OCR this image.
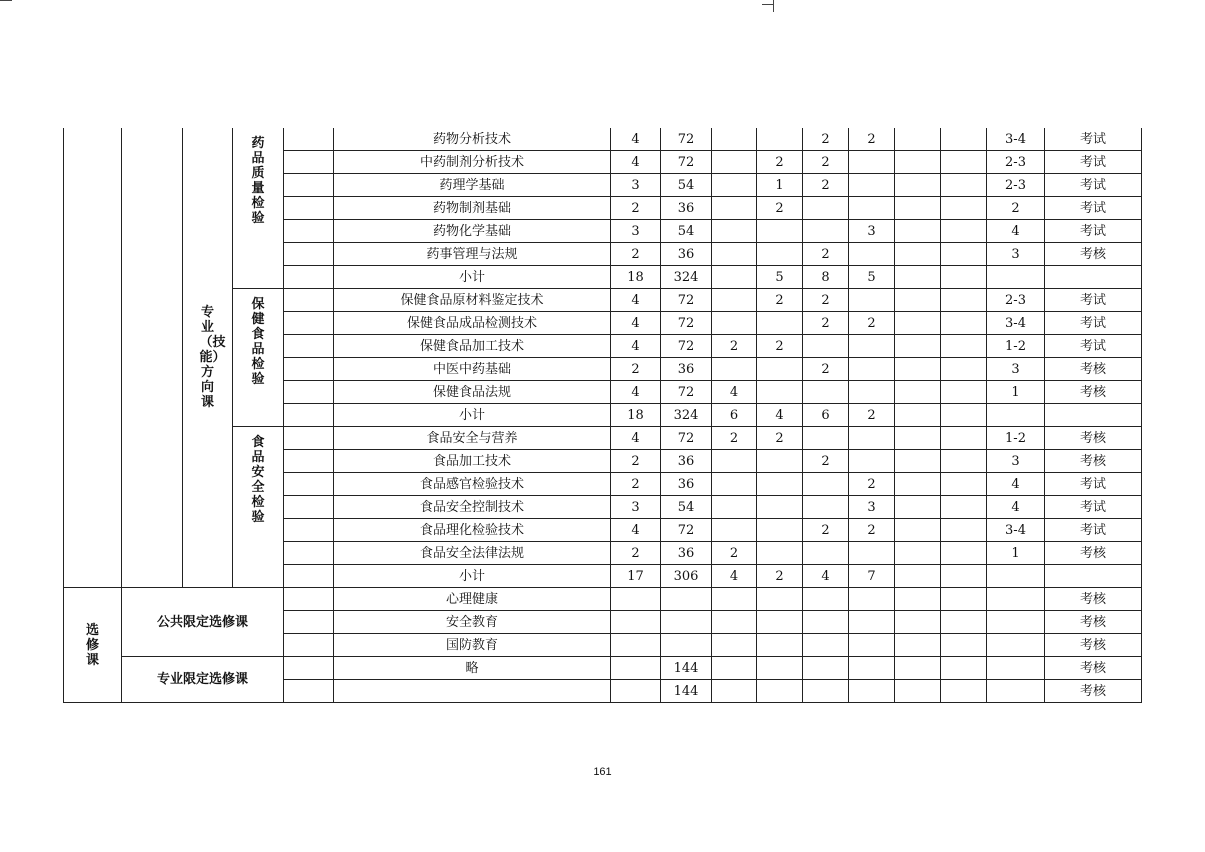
		专业（技能）方向课	药品质量检验		药物分析技术	4	72			2	2			3-4	考试
					中药制剂分析技术	4	72		2	2				2-3	考试
					药理学基础	3	54		1	2				2-3	考试
					药物制剂基础	2	36		2					2	考试
					药物化学基础	3	54				3			4	考试
					药事管理与法规	2	36			2				3	考核
					小计	18	324		5	8	5				

			保健食品检验		保健食品原材料鉴定技术	4	72		2	2				2-3	考试
					保健食品成品检测技术	4	72			2	2			3-4	考试
					保健食品加工技术	4	72	2	2					1-2	考试
					中医中药基础	2	36			2				3	考核
					保健食品法规	4	72	4						1	考核
					小计	18	324	6	4	6	2				

			食品安全检验		食品安全与营养	4	72	2	2					1-2	考核
					食品加工技术	2	36			2				3	考核
					食品感官检验技术	2	36				2			4	考试
					食品安全控制技术	3	54				3			4	考试
					食品理化检验技术	4	72			2	2			3-4	考试
					食品安全法律法规	2	36	2						1	考核
					小计	17	306	4	2	4	7				

选修课	公共限定选修课				心理健康										考核
					安全教育										考核
					国防教育										考核
	专业限定选修课				略		144								考核
							144								考核
161
